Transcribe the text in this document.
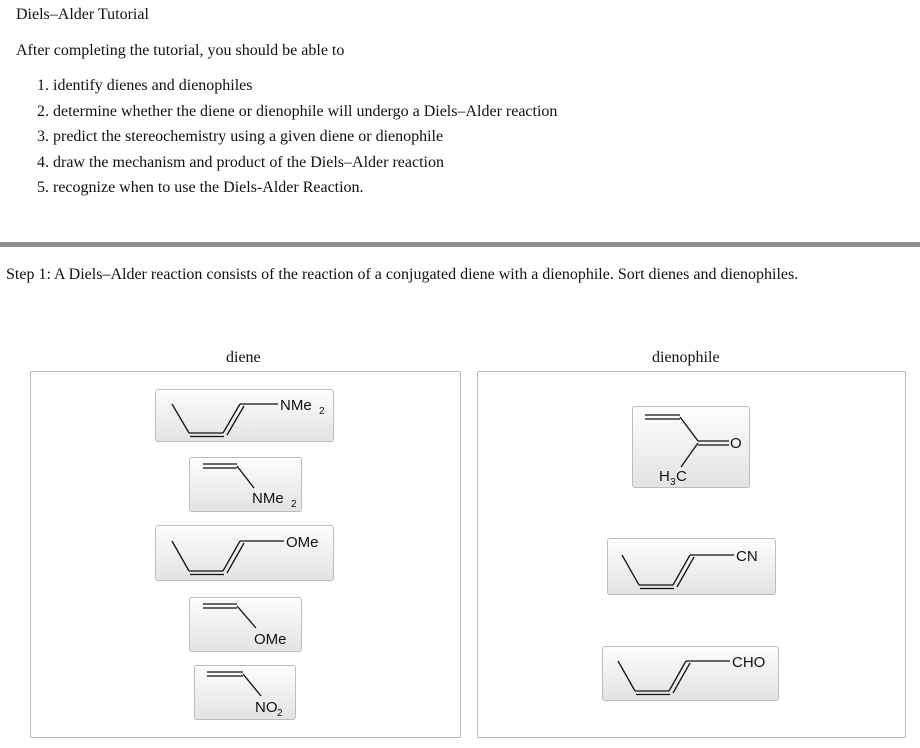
Diels–Alder Tutorial
After completing the tutorial, you should be able to
1. identify dienes and dienophiles
2. determine whether the diene or dienophile will undergo a Diels–Alder reaction
3. predict the stereochemistry using a given diene or dienophile
4. draw the mechanism and product of the Diels–Alder reaction
5. recognize when to use the Diels-Alder Reaction.
Step 1: A Diels–Alder reaction consists of the reaction of a conjugated diene with a dienophile. Sort dienes and dienophiles.
diene	dienophile
NMe 2
NMe 2
OMe
OMe
NO 2
O
H 3 C
CN
CHO
